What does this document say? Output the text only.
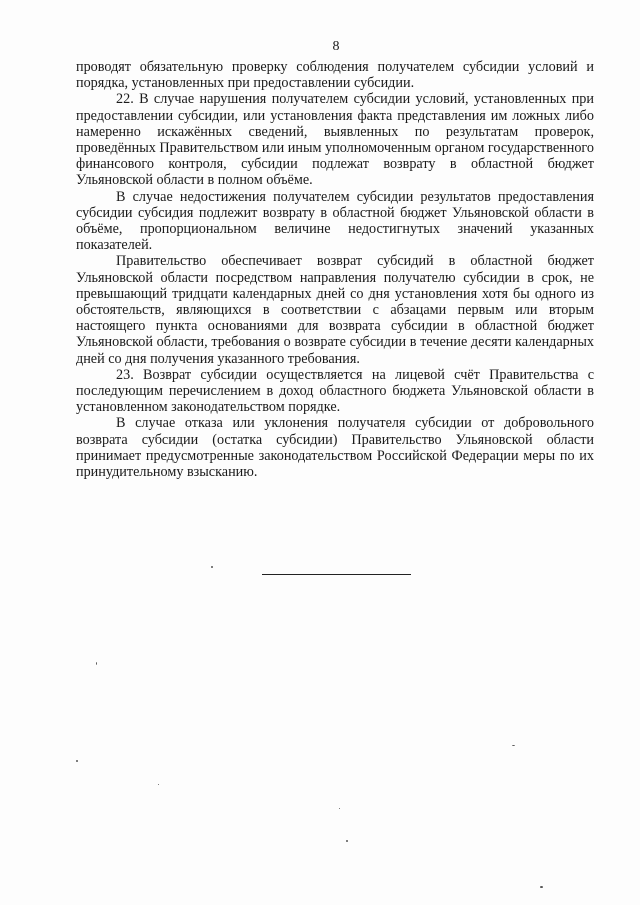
8

проводят обязательную проверку соблюдения получателем субсидии условий и порядка, установленных при предоставлении субсидии.

22. В случае нарушения получателем субсидии условий, установленных при предоставлении субсидии, или установления факта представления им ложных либо намеренно искажённых сведений, выявленных по результатам проверок, проведённых Правительством или иным уполномоченным органом государственного финансового контроля, субсидии подлежат возврату в областной бюджет Ульяновской области в полном объёме.

В случае недостижения получателем субсидии результатов предоставления субсидии субсидия подлежит возврату в областной бюджет Ульяновской области в объёме, пропорциональном величине недостигнутых значений указанных показателей.

Правительство обеспечивает возврат субсидий в областной бюджет Ульяновской области посредством направления получателю субсидии в срок, не превышающий тридцати календарных дней со дня установления хотя бы одного из обстоятельств, являющихся в соответствии с абзацами первым или вторым настоящего пункта основаниями для возврата субсидии в областной бюджет Ульяновской области, требования о возврате субсидии в течение десяти календарных дней со дня получения указанного требования.

23. Возврат субсидии осуществляется на лицевой счёт Правительства с последующим перечислением в доход областного бюджета Ульяновской области в установленном законодательством порядке.

В случае отказа или уклонения получателя субсидии от добровольного возврата субсидии (остатка субсидии) Правительство Ульяновской области принимает предусмотренные законодательством Российской Федерации меры по их принудительному взысканию.
